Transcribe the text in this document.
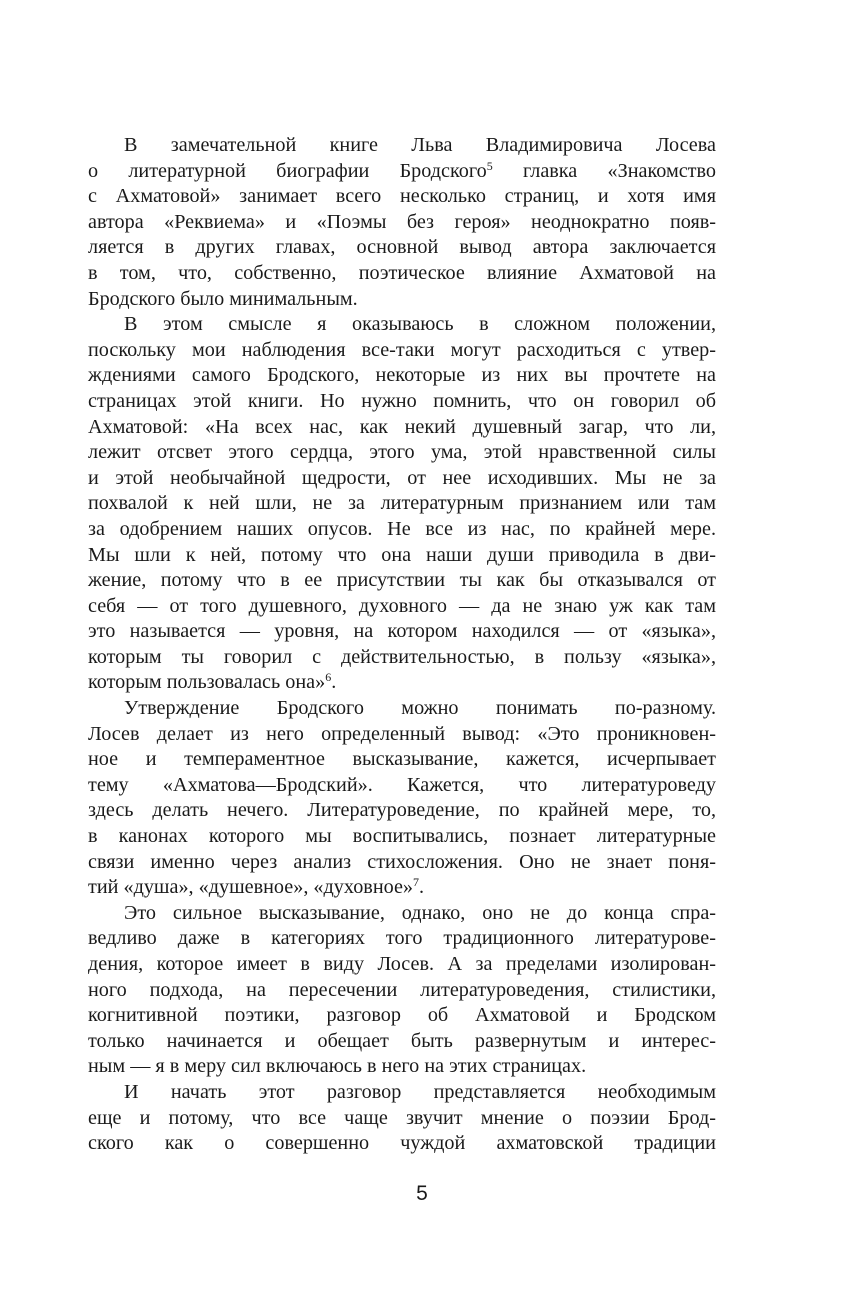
В замечательной книге Льва Владимировича Лосева
о литературной биографии Бродского$^5$ главка «Знакомство
с Ахматовой» занимает всего несколько страниц, и хотя имя
автора «Реквиема» и «Поэмы без героя» неоднократно появ-
ляется в других главах, основной вывод автора заключается
в том, что, собственно, поэтическое влияние Ахматовой на
Бродского было минимальным.
В этом смысле я оказываюсь в сложном положении,
поскольку мои наблюдения все-таки могут расходиться с утвер-
ждениями самого Бродского, некоторые из них вы прочтете на
страницах этой книги. Но нужно помнить, что он говорил об
Ахматовой: «На всех нас, как некий душевный загар, что ли,
лежит отсвет этого сердца, этого ума, этой нравственной силы
и этой необычайной щедрости, от нее исходивших. Мы не за
похвалой к ней шли, не за литературным признанием или там
за одобрением наших опусов. Не все из нас, по крайней мере.
Мы шли к ней, потому что она наши души приводила в дви-
жение, потому что в ее присутствии ты как бы отказывался от
себя — от того душевного, духовного — да не знаю уж как там
это называется — уровня, на котором находился — от «языка»,
которым ты говорил с действительностью, в пользу «языка»,
которым пользовалась она»$^6$.
Утверждение Бродского можно понимать по-разному.
Лосев делает из него определенный вывод: «Это проникновен-
ное и темпераментное высказывание, кажется, исчерпывает
тему «Ахматова—Бродский». Кажется, что литературоведу
здесь делать нечего. Литературоведение, по крайней мере, то,
в канонах которого мы воспитывались, познает литературные
связи именно через анализ стихосложения. Оно не знает поня-
тий «душа», «душевное», «духовное»$^7$.
Это сильное высказывание, однако, оно не до конца спра-
ведливо даже в категориях того традиционного литературове-
дения, которое имеет в виду Лосев. А за пределами изолирован-
ного подхода, на пересечении литературоведения, стилистики,
когнитивной поэтики, разговор об Ахматовой и Бродском
только начинается и обещает быть развернутым и интерес-
ным — я в меру сил включаюсь в него на этих страницах.
И начать этот разговор представляется необходимым
еще и потому, что все чаще звучит мнение о поэзии Брод-
ского как о совершенно чуждой ахматовской традиции
5
